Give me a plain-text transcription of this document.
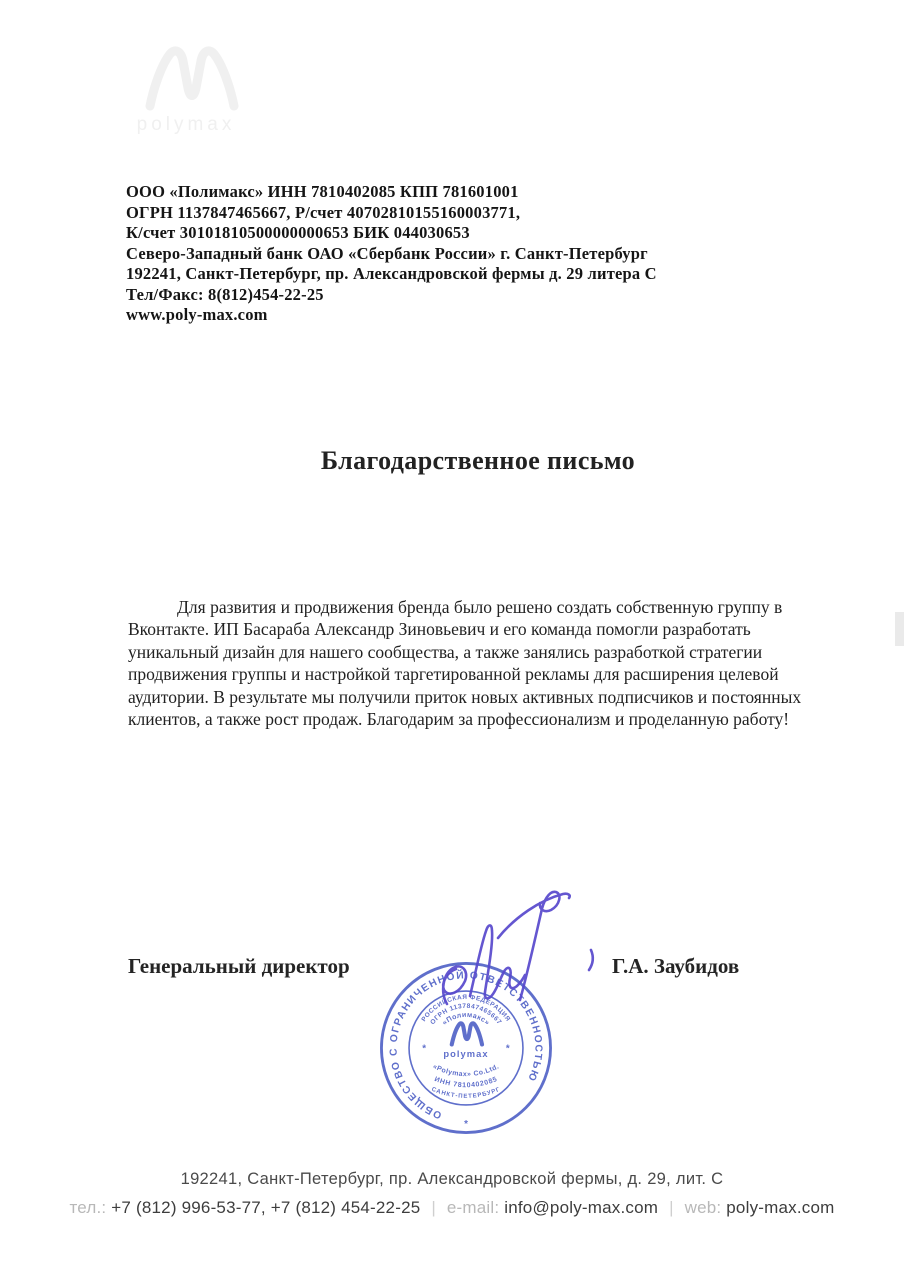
polymax
ООО «Полимакс» ИНН 7810402085 КПП 781601001
ОГРН 1137847465667, Р/счет 40702810155160003771,
К/счет 30101810500000000653 БИК 044030653
Северо-Западный банк ОАО «Сбербанк России» г. Санкт-Петербург
192241, Санкт-Петербург, пр. Александровской фермы д. 29 литера С
Тел/Факс: 8(812)454-22-25
www.poly-max.com
Благодарственное письмо
Для развития и продвижения бренда было решено создать собственную группу в
Вконтакте. ИП Басараба Александр Зиновьевич и его команда помогли разработать
уникальный дизайн для нашего сообщества, а также занялись разработкой стратегии
продвижения группы и настройкой таргетированной рекламы для расширения целевой
аудитории. В результате мы получили приток новых активных подписчиков и постоянных
клиентов, а также рост продаж. Благодарим за профессионализм и проделанную работу!
Генеральный директор	Г.А. Заубидов
ОБЩЕСТВО С ОГРАНИЧЕННОЙ ОТВЕТСТВЕННОСТЬЮ
РОССИЙСКАЯ ФЕДЕРАЦИЯ
ОГРН 1137847465667
«Полимакс»
polymax
«Polymax» Co.Ltd.
ИНН 7810402085
САНКТ-ПЕТЕРБУРГ
*	*
*
192241, Санкт-Петербург, пр. Александровской фермы, д. 29, лит. С
тел.: +7 (812) 996-53-77, +7 (812) 454-22-25 | e-mail: info@poly-max.com | web: poly-max.com
